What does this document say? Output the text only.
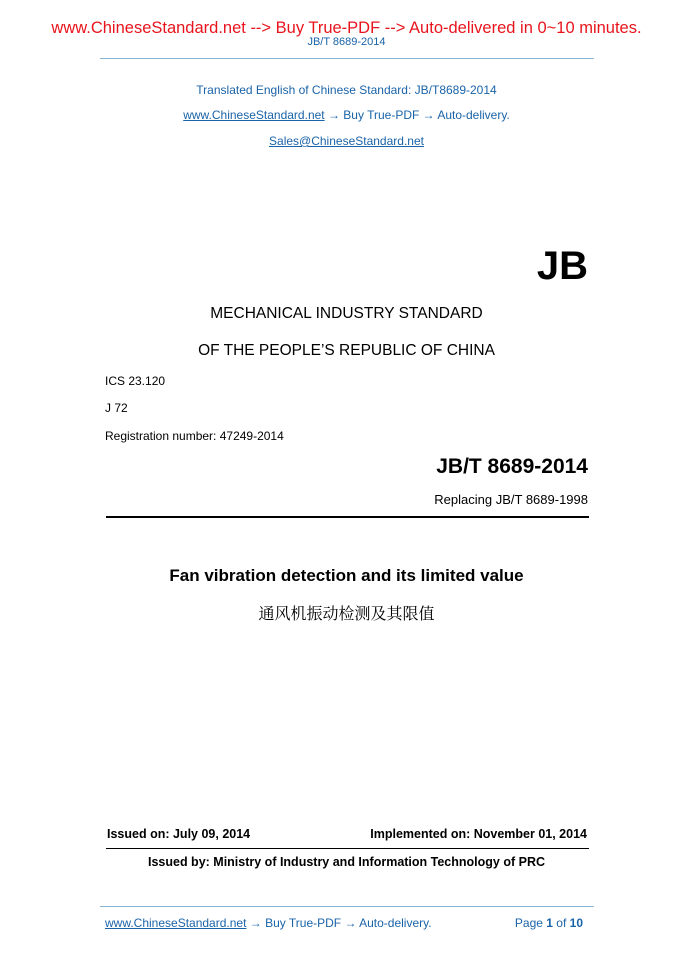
www.ChineseStandard.net --> Buy True-PDF --> Auto-delivered in 0~10 minutes.
JB/T 8689-2014
Translated English of Chinese Standard: JB/T8689-2014
www.ChineseStandard.net → Buy True-PDF → Auto-delivery.
Sales@ChineseStandard.net
JB
MECHANICAL INDUSTRY STANDARD
OF THE PEOPLE’S REPUBLIC OF CHINA
ICS 23.120
J 72
Registration number: 47249-2014
JB/T 8689-2014
Replacing JB/T 8689-1998
Fan vibration detection and its limited value
通风机振动检测及其限值
Issued on: July 09, 2014	Implemented on: November 01, 2014
Issued by: Ministry of Industry and Information Technology of PRC
www.ChineseStandard.net → Buy True-PDF → Auto-delivery.	Page 1 of 10
